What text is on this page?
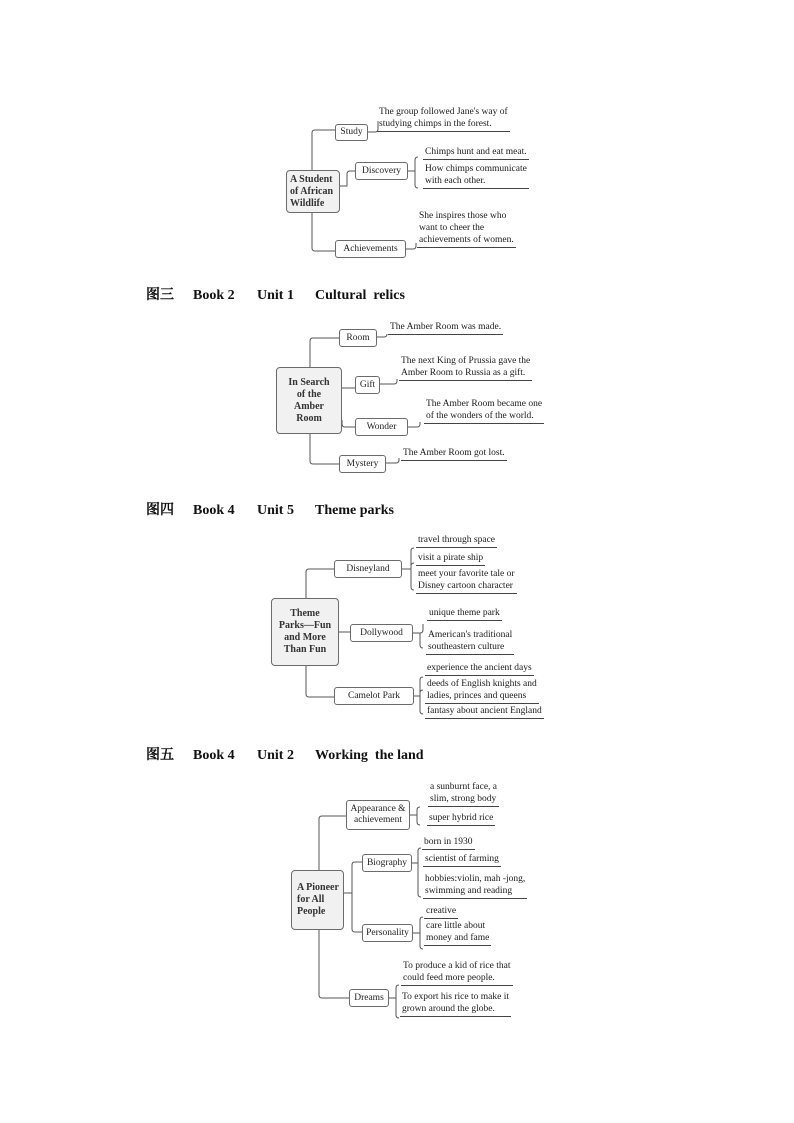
A Student
of African
Wildlife
Study
Discovery
Achievements
The group followed Jane's way of
studying chimps in the forest.
Chimps hunt and eat meat.
How chimps communicate
with each other.
She inspires those who
want to cheer the
achievements of women.
图三 Book 2 Unit 1 Cultural  relics
In Search
of the
Amber
Room
Room
Gift
Wonder
Mystery
The Amber Room was made.
The next King of Prussia gave the
Amber Room to Russia as a gift.
The Amber Room became one
of the wonders of the world.
The Amber Room got lost.
图四 Book 4 Unit 5 Theme parks
Theme
Parks—Fun
and More
Than Fun
Disneyland
Dollywood
Camelot Park
travel through space
visit a pirate ship
meet your favorite tale or
Disney cartoon character
unique theme park
American's traditional
southeastern culture
experience the ancient days
deeds of English knights and
ladies, princes and queens
fantasy about ancient England
图五 Book 4 Unit 2 Working  the land
A Pioneer
for All
People
Appearance &
achievement
Biography
Personality
Dreams
a sunburnt face, a
slim, strong body
super hybrid rice
born in 1930
scientist of farming
hobbies:violin, mah -jong,
swimming and reading
creative
care little about
money and fame
To produce a kid of rice that
could feed more people.
To export his rice to make it
grown around the globe.
